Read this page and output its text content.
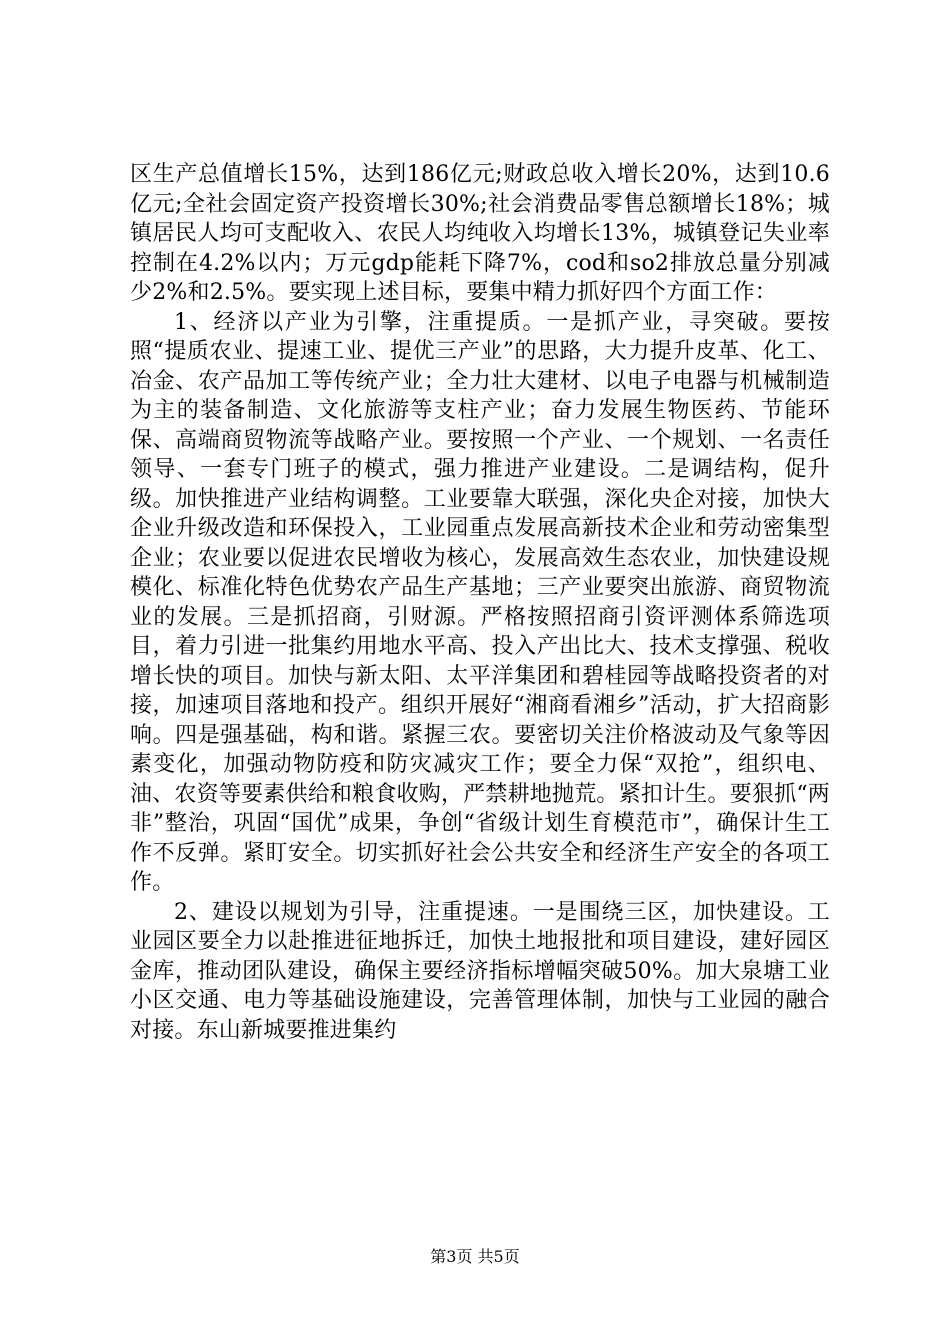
区生产总值增长15%，达到186亿元;财政总收入增长20%，达到10.6亿元;全社会固定资产投资增长30%;社会消费品零售总额增长18%；城镇居民人均可支配收入、农民人均纯收入均增长13%，城镇登记失业率控制在4.2%以内；万元gdp能耗下降7%，cod和so2排放总量分别减少2%和2.5%。要实现上述目标，要集中精力抓好四个方面工作：

1、经济以产业为引擎，注重提质。一是抓产业，寻突破。要按照“提质农业、提速工业、提优三产业”的思路，大力提升皮革、化工、冶金、农产品加工等传统产业；全力壮大建材、以电子电器与机械制造为主的装备制造、文化旅游等支柱产业；奋力发展生物医药、节能环保、高端商贸物流等战略产业。要按照一个产业、一个规划、一名责任领导、一套专门班子的模式，强力推进产业建设。二是调结构，促升级。加快推进产业结构调整。工业要靠大联强，深化央企对接，加快大企业升级改造和环保投入，工业园重点发展高新技术企业和劳动密集型企业；农业要以促进农民增收为核心，发展高效生态农业，加快建设规模化、标准化特色优势农产品生产基地；三产业要突出旅游、商贸物流业的发展。三是抓招商，引财源。严格按照招商引资评测体系筛选项目，着力引进一批集约用地水平高、投入产出比大、技术支撑强、税收增长快的项目。加快与新太阳、太平洋集团和碧桂园等战略投资者的对接，加速项目落地和投产。组织开展好“湘商看湘乡”活动，扩大招商影响。四是强基础，构和谐。紧握三农。要密切关注价格波动及气象等因素变化，加强动物防疫和防灾减灾工作；要全力保“双抢”，组织电、油、农资等要素供给和粮食收购，严禁耕地抛荒。紧扣计生。要狠抓“两非”整治，巩固“国优”成果，争创“省级计划生育模范市”，确保计生工作不反弹。紧盯安全。切实抓好社会公共安全和经济生产安全的各项工作。

2、建设以规划为引导，注重提速。一是围绕三区，加快建设。工业园区要全力以赴推进征地拆迁，加快土地报批和项目建设，建好园区金库，推动团队建设，确保主要经济指标增幅突破50%。加大泉塘工业小区交通、电力等基础设施建设，完善管理体制，加快与工业园的融合对接。东山新城要推进集约

第3页 共5页
